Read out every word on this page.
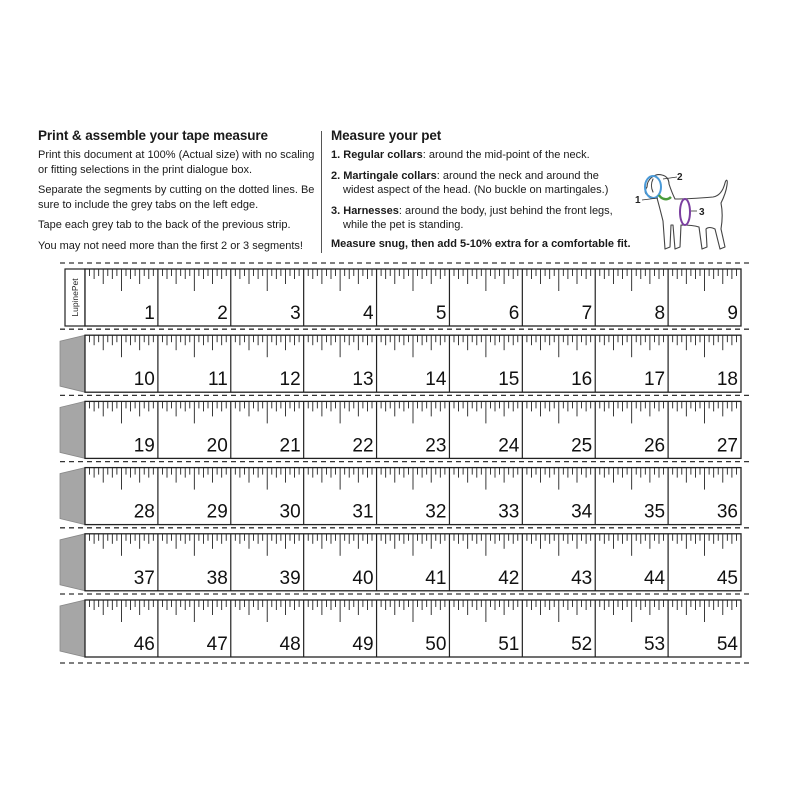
Print & assemble your tape measure

Print this document at 100% (Actual size) with no scaling or fitting selections in the print dialogue box.

Separate the segments by cutting on the dotted lines. Be sure to include the grey tabs on the left edge.

Tape each grey tab to the back of the previous strip.

You may not need more than the first 2 or 3 segments!

Measure your pet
1. Regular collars: around the mid-point of the neck.
2. Martingale collars: around the neck and around the widest aspect of the head. (No buckle on martingales.)
3. Harnesses: around the body, just behind the front legs, while the pet is standing.
Measure snug, then add 5-10% extra for a comfortable fit.
1
2
3
LupinePet	1	2	3	4	5	6	7	8	9
10	11	12	13	14	15	16	17	18
19	20	21	22	23	24	25	26	27
28	29	30	31	32	33	34	35	36
37	38	39	40	41	42	43	44	45
46	47	48	49	50	51	52	53	54
